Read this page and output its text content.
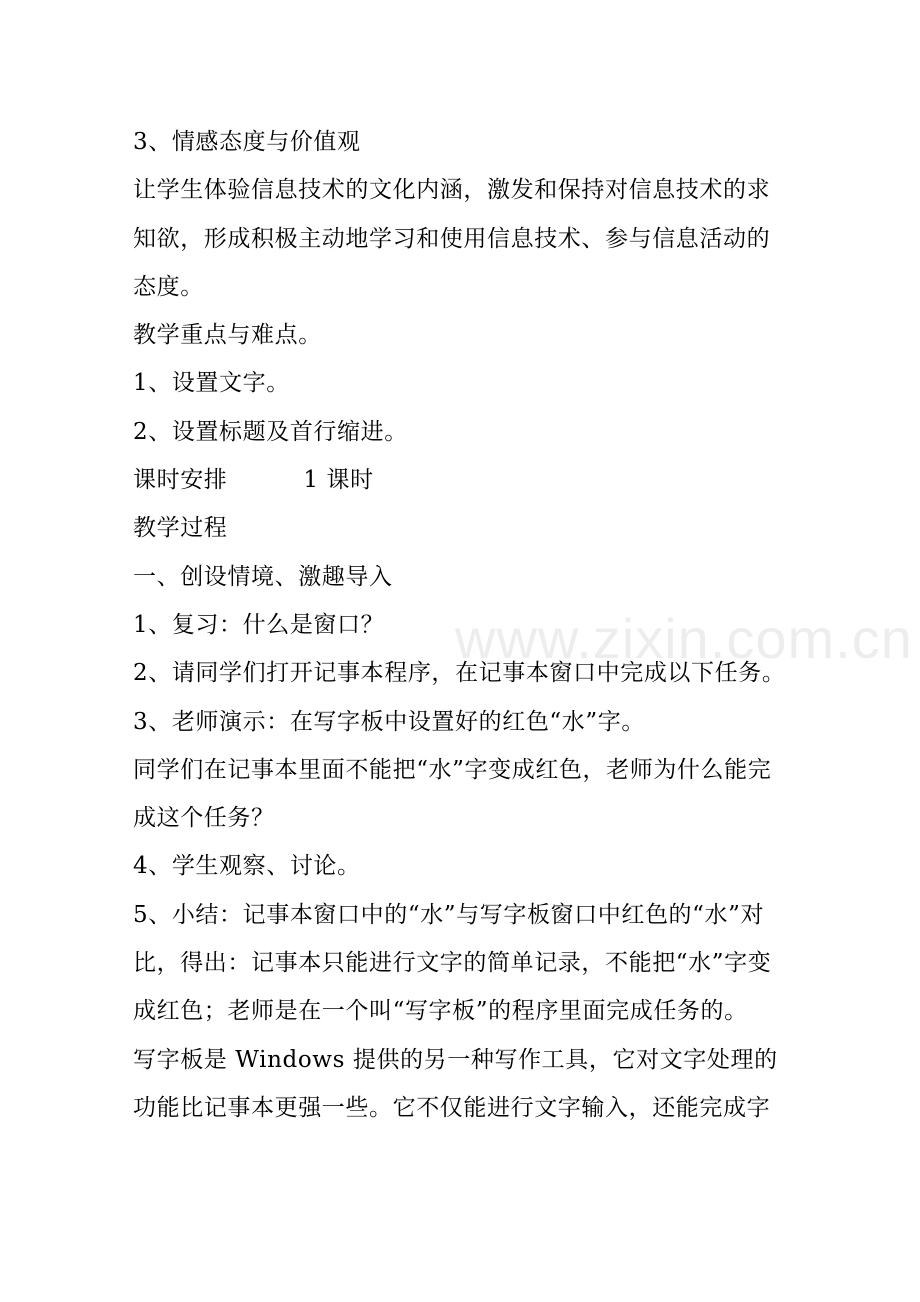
3、情感态度与价值观
让学生体验信息技术的文化内涵，激发和保持对信息技术的求
知欲，形成积极主动地学习和使用信息技术、参与信息活动的
态度。
教学重点与难点。
1、设置文字。
2、设置标题及首行缩进。
课时安排	1 课时
教学过程
一、创设情境、激趣导入
1、复习：什么是窗口？
2、请同学们打开记事本程序，在记事本窗口中完成以下任务。
3、老师演示：在写字板中设置好的红色“水”字。
同学们在记事本里面不能把“水”字变成红色，老师为什么能完
成这个任务？
4、学生观察、讨论。
5、小结：记事本窗口中的“水”与写字板窗口中红色的“水”对
比，得出：记事本只能进行文字的简单记录，不能把“水”字变
成红色；老师是在一个叫“写字板”的程序里面完成任务的。
写字板是 Windows 提供的另一种写作工具，它对文字处理的
功能比记事本更强一些。它不仅能进行文字输入，还能完成字
www.zixin.com.cn
